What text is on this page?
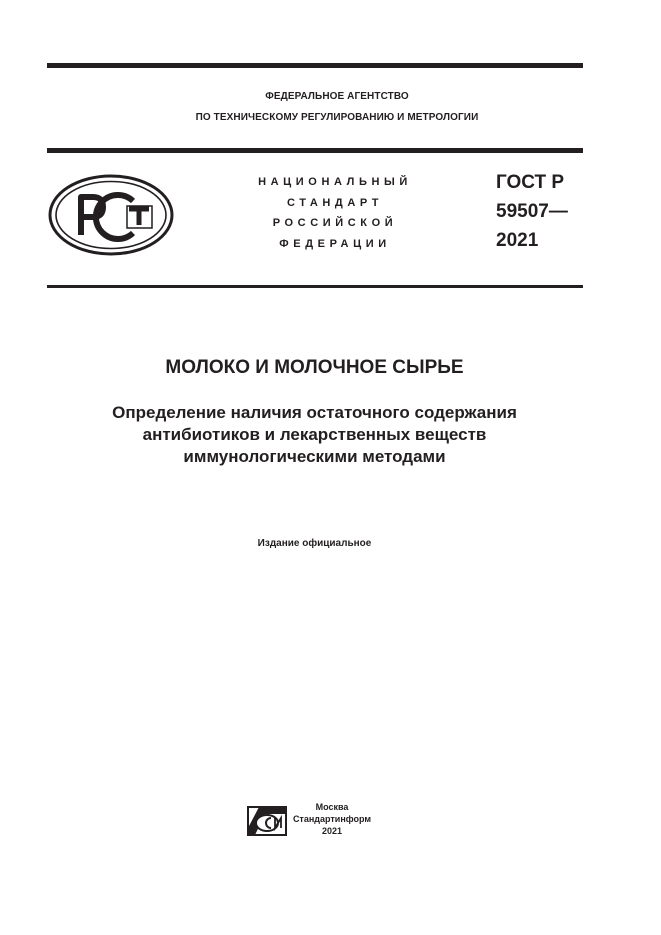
ФЕДЕРАЛЬНОЕ АГЕНТСТВО
ПО ТЕХНИЧЕСКОМУ РЕГУЛИРОВАНИЮ И МЕТРОЛОГИИ
НАЦИОНАЛЬНЫЙ
СТАНДАРТ
РОССИЙСКОЙ
ФЕДЕРАЦИИ
ГОСТ Р
59507—
2021
МОЛОКО И МОЛОЧНОЕ СЫРЬЕ
Определение наличия остаточного содержания
антибиотиков и лекарственных веществ
иммунологическими методами
Издание официальное
Москва
Стандартинформ
2021
